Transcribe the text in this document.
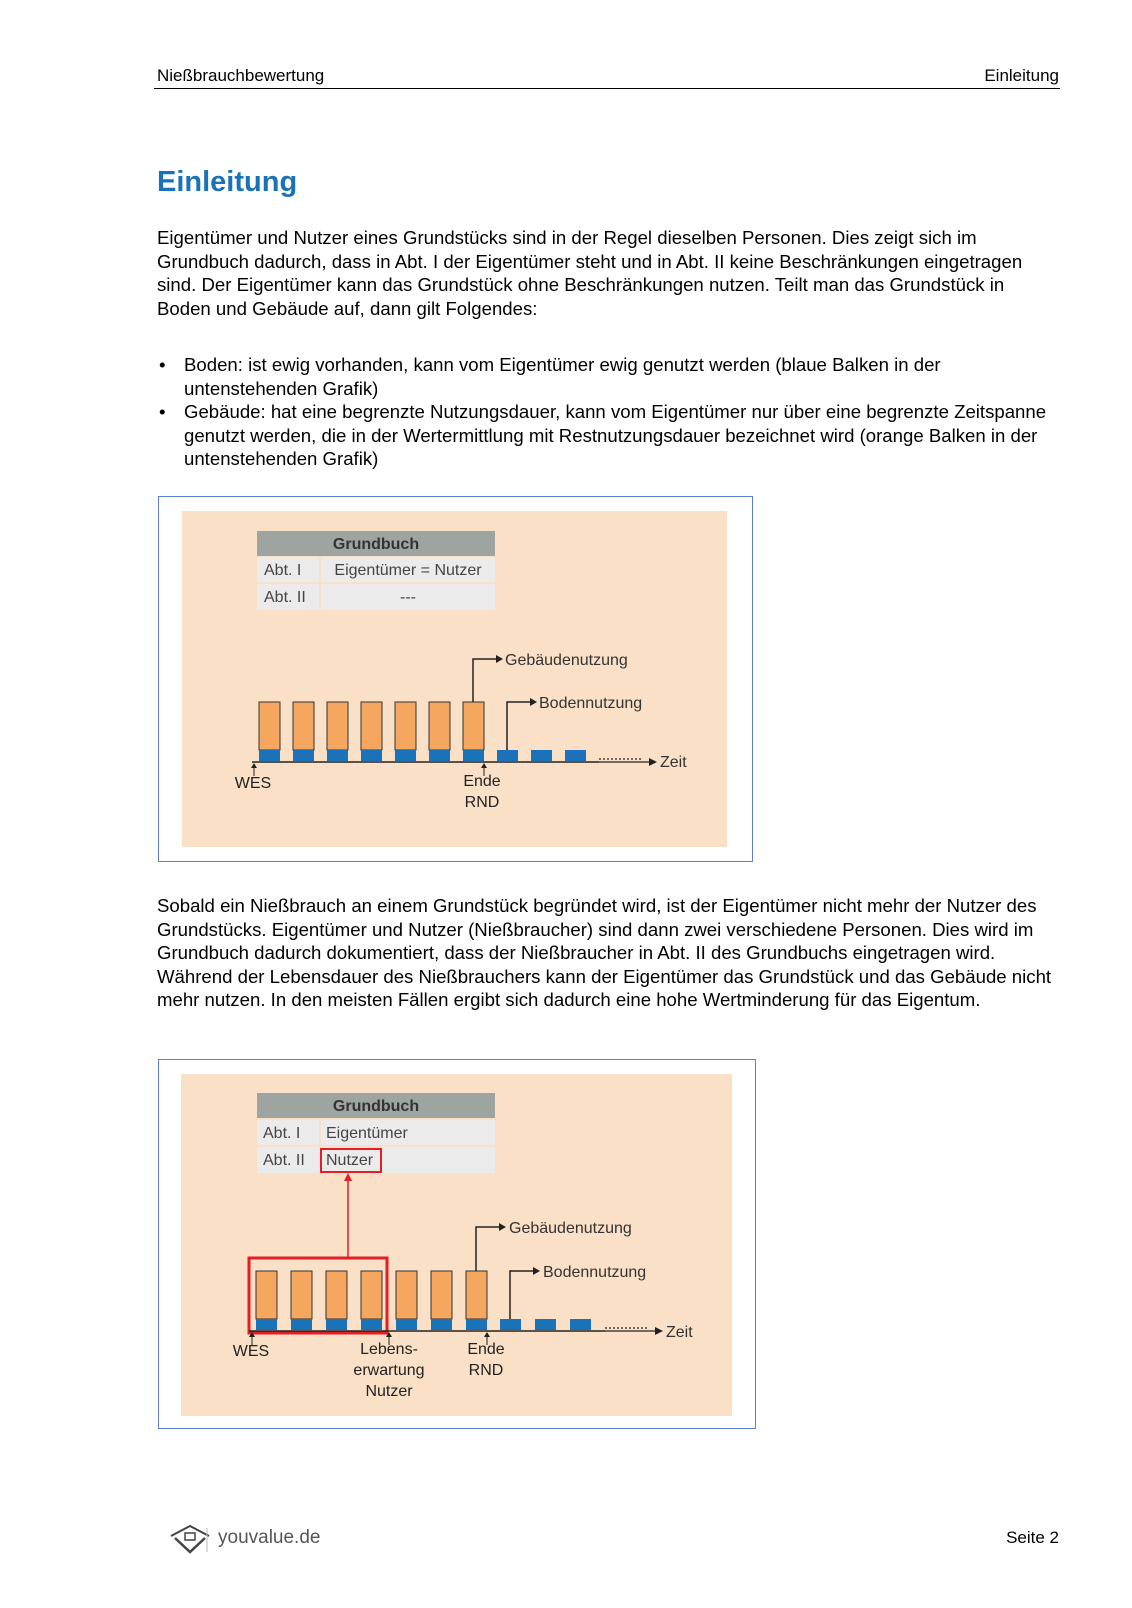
Nießbrauchbewertung	Einleitung
Einleitung

Eigentümer und Nutzer eines Grundstücks sind in der Regel dieselben Personen. Dies zeigt sich im Grundbuch dadurch, dass in Abt. I der Eigentümer steht und in Abt. II keine Beschränkungen eingetragen sind. Der Eigentümer kann das Grundstück ohne Beschränkungen nutzen. Teilt man das Grundstück in Boden und Gebäude auf, dann gilt Folgendes:

• Boden: ist ewig vorhanden, kann vom Eigentümer ewig genutzt werden (blaue Balken in der untenstehenden Grafik)
• Gebäude: hat eine begrenzte Nutzungsdauer, kann vom Eigentümer nur über eine begrenzte Zeitspanne genutzt werden, die in der Wertermittlung mit Restnutzungsdauer bezeichnet wird (orange Balken in der untenstehenden Grafik)
Grundbuch
Abt. I Eigentümer = Nutzer
Abt. II	---
Zeit
Gebäudenutzung
Bodennutzung
WES	Ende
RND

Sobald ein Nießbrauch an einem Grundstück begründet wird, ist der Eigentümer nicht mehr der Nutzer des Grundstücks. Eigentümer und Nutzer (Nießbraucher) sind dann zwei verschiedene Personen. Dies wird im Grundbuch dadurch dokumentiert, dass der Nießbraucher in Abt. II des Grundbuchs eingetragen wird. Während der Lebensdauer des Nießbrauchers kann der Eigentümer das Grundstück und das Gebäude nicht mehr nutzen. In den meisten Fällen ergibt sich dadurch eine hohe Wertminderung für das Eigentum.

Grundbuch
Abt. I Eigentümer
Abt. II Nutzer
Zeit
Gebäudenutzung
Bodennutzung
WES	Lebens-
erwartung
Nutzer
Ende
RND
youvalue.de	Seite 2
